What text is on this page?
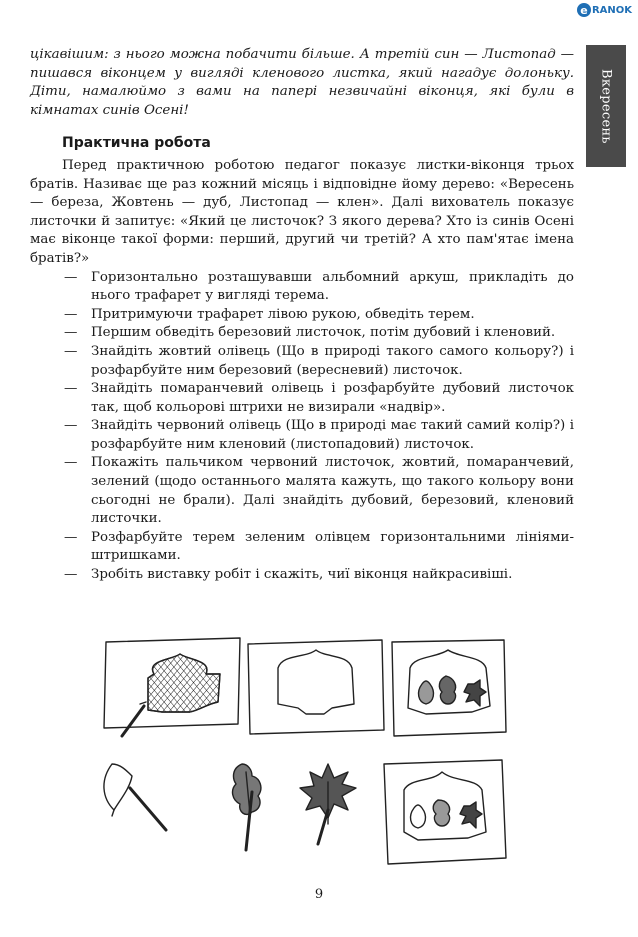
e RANOK
Вкересень

цікавішим: з нього можна побачити більше. А третій син — Листопад — пишався віконцем у вигляді кленового листка, який нагадує долоньку. Діти, намалюймо з вами на папері незвичайні віконця, які були в кімнатах синів Осені!

Практична робота

Перед практичною роботою педагог показує листки-віконця трьох братів. Називає ще раз кожний місяць і відповідне йому дерево: «Вересень — береза, Жовтень — дуб, Листопад — клен». Далі вихователь показує листочки й запитує: «Який це листочок? З якого дерева? Хто із синів Осені має віконце такої форми: перший, другий чи третій? А хто пам'ятає імена братів?»

— Горизонтально розташувавши альбомний аркуш, прикладіть до нього трафарет у вигляді терема.
— Притримуючи трафарет лівою рукою, обведіть терем.
— Першим обведіть березовий листочок, потім дубовий і кленовий.
— Знайдіть жовтий олівець (Що в природі такого самого кольору?) і розфарбуйте ним березовий (вересневий) листочок.
— Знайдіть помаранчевий олівець і розфарбуйте дубовий листочок так, щоб кольорові штрихи не визирали «надвір».
— Знайдіть червоний олівець (Що в природі має такий самий колір?) і розфарбуйте ним кленовий (листопадовий) листочок.
— Покажіть пальчиком червоний листочок, жовтий, помаранчевий, зелений (щодо останнього малята кажуть, що такого кольору вони сьогодні не брали). Далі знайдіть дубовий, березовий, кленовий листочки.
— Розфарбуйте терем зеленим олівцем горизонтальними лініями-штришками.
— Зробіть виставку робіт і скажіть, чиї віконця найкрасивіші.
9
